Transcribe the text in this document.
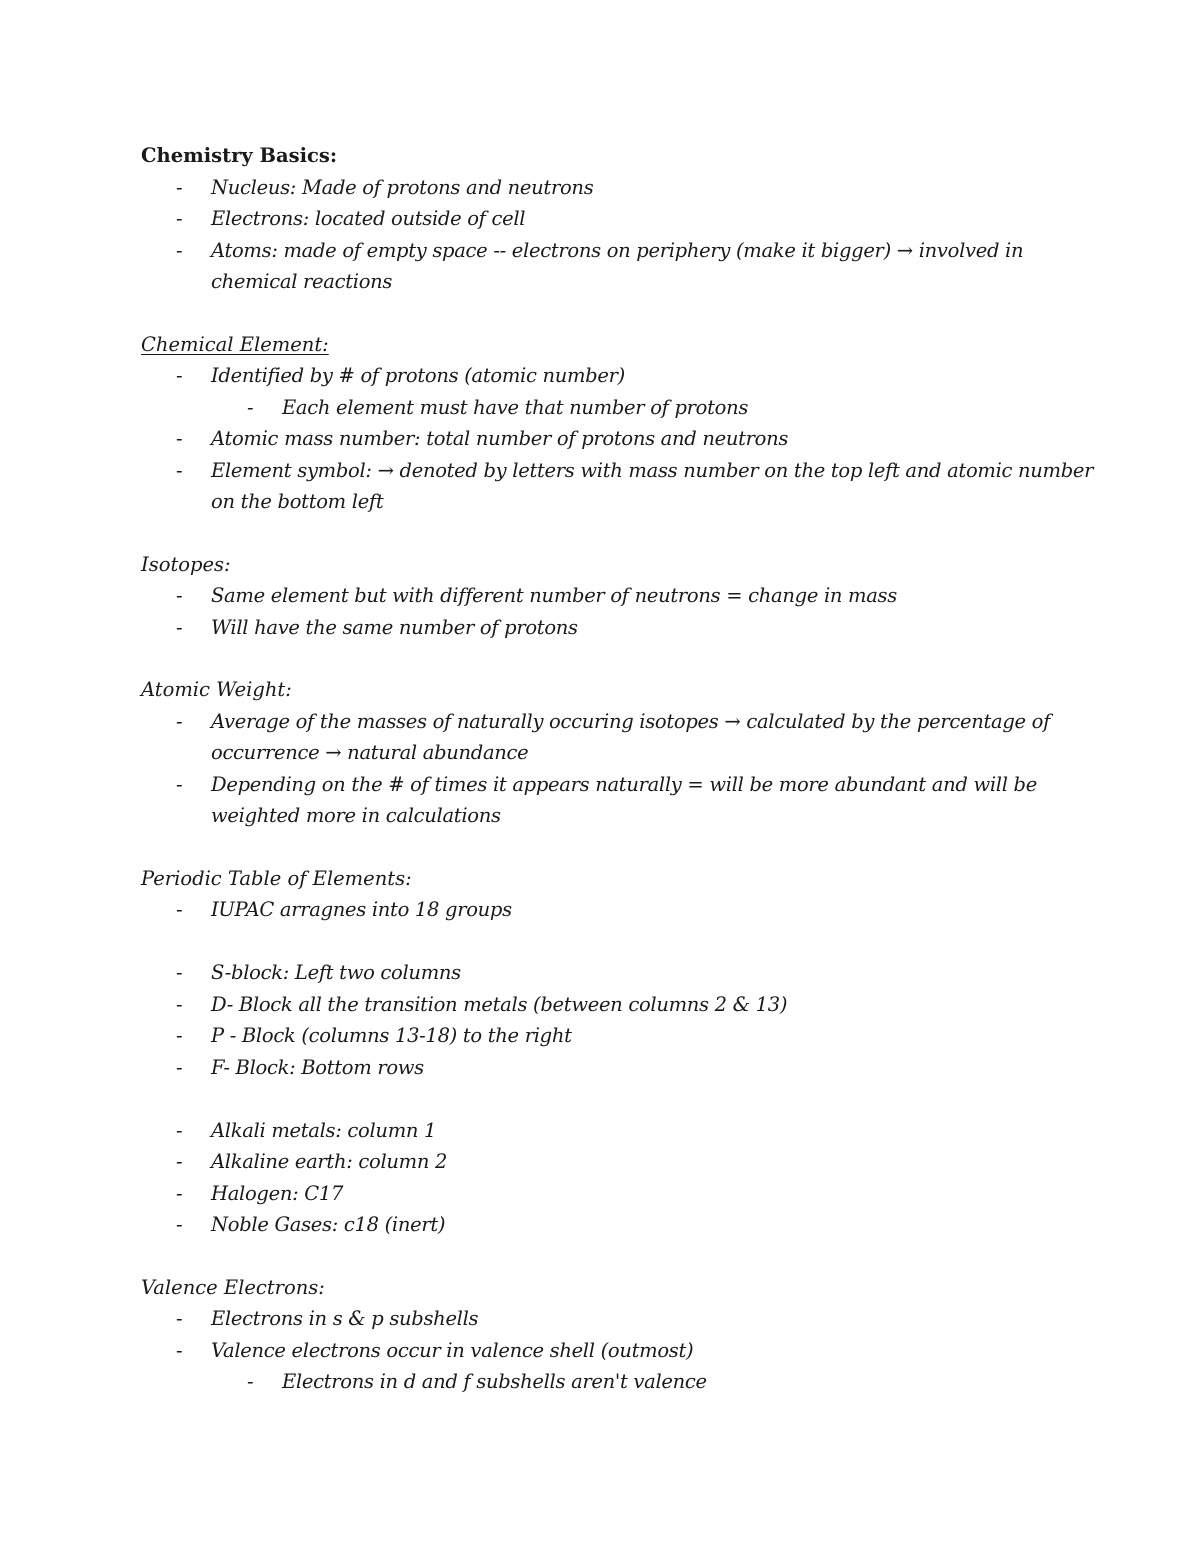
Chemistry Basics:

- Nucleus: Made of protons and neutrons
- Electrons: located outside of cell
- Atoms: made of empty space -- electrons on periphery (make it bigger) → involved in chemical reactions

Chemical Element:

- Identified by # of protons (atomic number)
- Each element must have that number of protons
- Atomic mass number: total number of protons and neutrons
- Element symbol: → denoted by letters with mass number on the top left and atomic number on the bottom left

Isotopes:

- Same element but with different number of neutrons = change in mass
- Will have the same number of protons

Atomic Weight:

- Average of the masses of naturally occuring isotopes → calculated by the percentage of occurrence → natural abundance
- Depending on the # of times it appears naturally = will be more abundant and will be weighted more in calculations

Periodic Table of Elements:

- IUPAC arragnes into 18 groups
- S-block: Left two columns
- D- Block all the transition metals (between columns 2 & 13)
- P - Block (columns 13-18) to the right
- F- Block: Bottom rows
- Alkali metals: column 1
- Alkaline earth: column 2
- Halogen: C17
- Noble Gases: c18 (inert)

Valence Electrons:

- Electrons in s & p subshells
- Valence electrons occur in valence shell (outmost)
- Electrons in d and f subshells aren't valence
